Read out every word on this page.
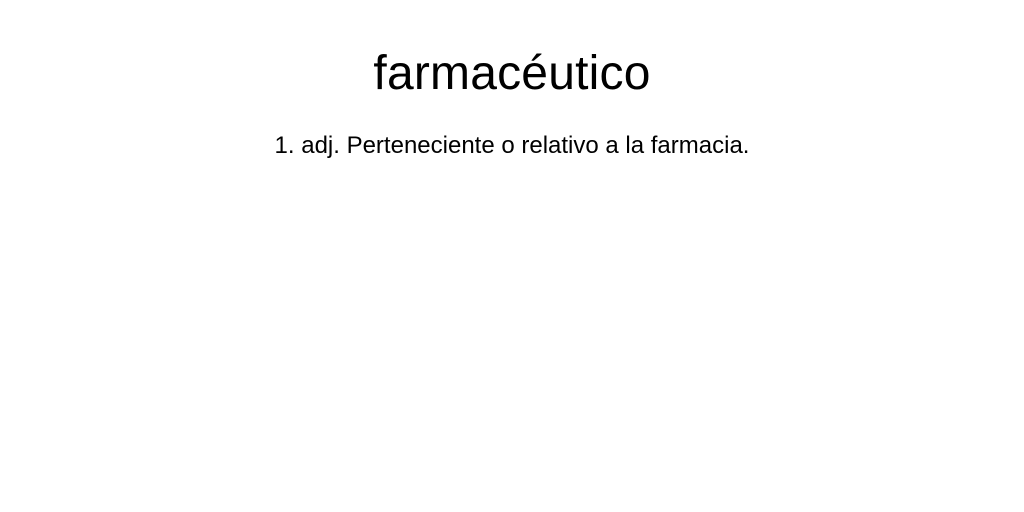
farmacéutico

1. adj. Perteneciente o relativo a la farmacia.
